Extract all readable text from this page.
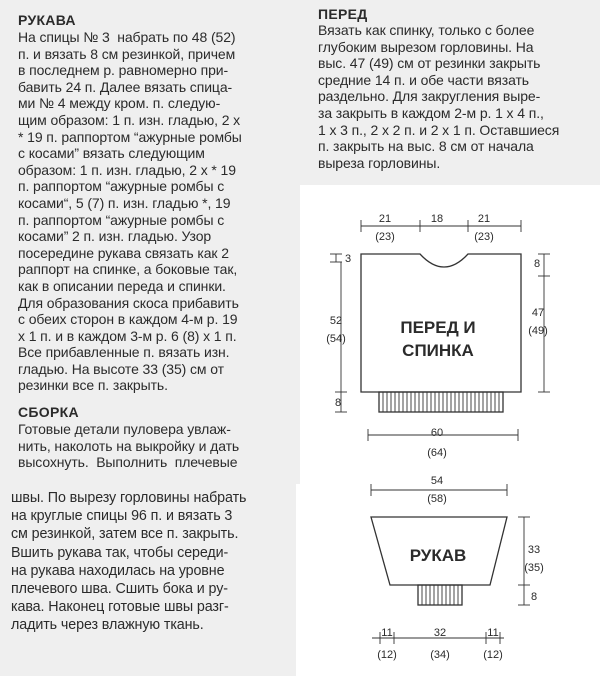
РУКАВА
На спицы № 3  набрать по 48 (52)
п. и вязать 8 см резинкой, причем
в последнем р. равномерно при-
бавить 24 п. Далее вязать спица-
ми № 4 между кром. п. следую-
щим образом: 1 п. изн. гладью, 2 х
* 19 п. раппортом “ажурные ромбы
с косами” вязать следующим
образом: 1 п. изн. гладью, 2 х * 19
п. раппортом “ажурные ромбы с
косами“, 5 (7) п. изн. гладью *, 19
п. раппортом “ажурные ромбы с
косами” 2 п. изн. гладью. Узор
посередине рукава связать как 2
раппорт на спинке, а боковые так,
как в описании переда и спинки.
Для образования скоса прибавить
с обеих сторон в каждом 4-м р. 19
х 1 п. и в каждом 3-м р. 6 (8) х 1 п.
Все прибавленные п. вязать изн.
гладью. На высоте 33 (35) см от
резинки все п. закрыть.
СБОРКА
Готовые детали пуловера увлаж-
нить, наколоть на выкройку и дать
высохнуть.  Выполнить  плечевые
швы. По вырезу горловины набрать
на круглые спицы 96 п. и вязать 3
см резинкой, затем все п. закрыть.
Вшить рукава так, чтобы середи-
на рукава находилась на уровне
плечевого шва. Сшить бока и ру-
кава. Наконец готовые швы разг-
ладить через влажную ткань.
ПЕРЕД
Вязать как спинку, только с более
глубоким вырезом горловины. На
выс. 47 (49) см от резинки закрыть
средние 14 п. и обе части вязать
раздельно. Для закругления выре-
за закрыть в каждом 2-м р. 1 х 4 п.,
1 х 3 п., 2 х 2 п. и 2 х 1 п. Оставшиеся
п. закрыть на выс. 8 см от начала
выреза горловины.
21
(23)
18	21
(23)
3
52
(54)
8
8
47
(49)
60
(64)
ПЕРЕД И
СПИНКА
54
(58)
РУКАВ	33
(35)
8
11
(12)
32
(34)
11
(12)
